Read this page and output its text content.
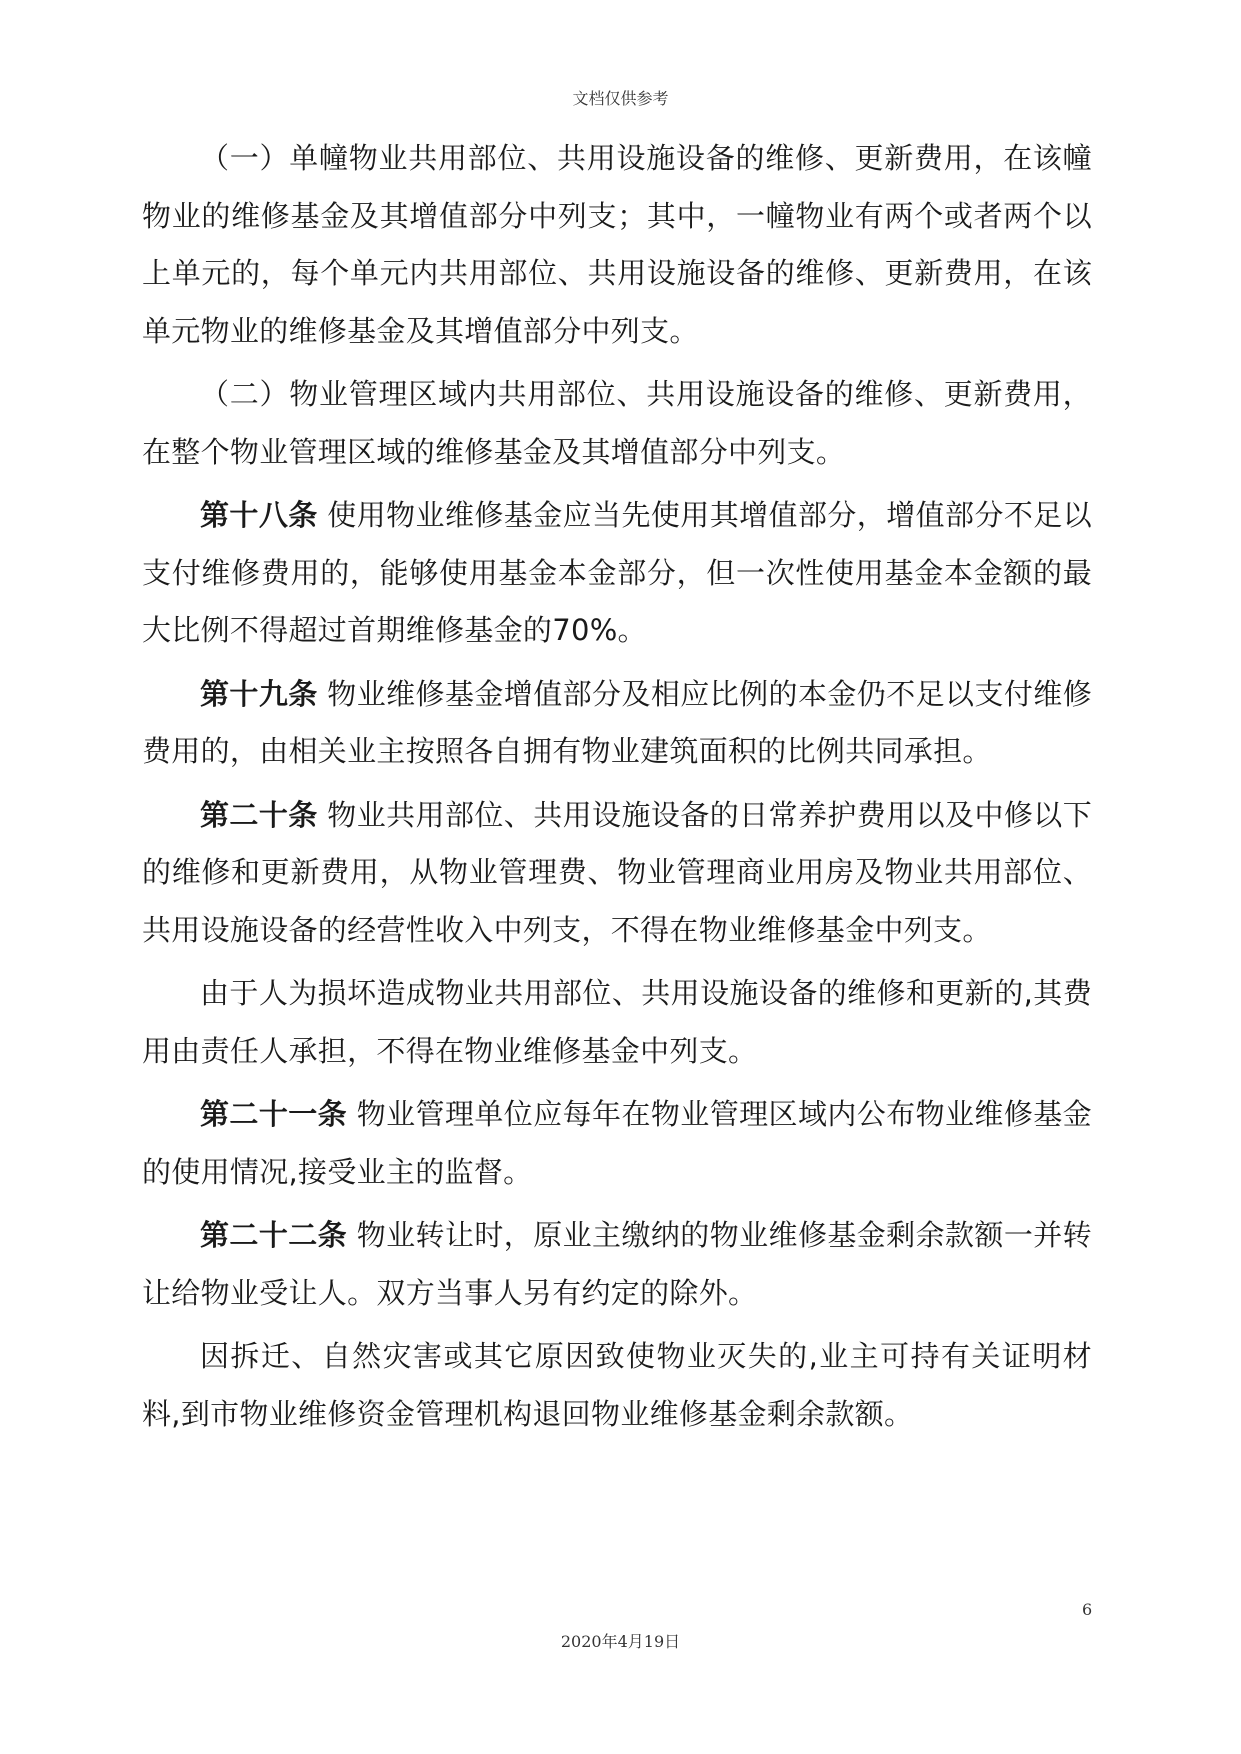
文档仅供参考

（一）单幢物业共用部位、共用设施设备的维修、更新费用，在该幢物业的维修基金及其增值部分中列支；其中，一幢物业有两个或者两个以上单元的，每个单元内共用部位、共用设施设备的维修、更新费用，在该单元物业的维修基金及其增值部分中列支。

（二）物业管理区域内共用部位、共用设施设备的维修、更新费用，在整个物业管理区域的维修基金及其增值部分中列支。

第十八条 使用物业维修基金应当先使用其增值部分，增值部分不足以支付维修费用的，能够使用基金本金部分，但一次性使用基金本金额的最大比例不得超过首期维修基金的70%。

第十九条 物业维修基金增值部分及相应比例的本金仍不足以支付维修费用的，由相关业主按照各自拥有物业建筑面积的比例共同承担。

第二十条 物业共用部位、共用设施设备的日常养护费用以及中修以下的维修和更新费用，从物业管理费、物业管理商业用房及物业共用部位、共用设施设备的经营性收入中列支，不得在物业维修基金中列支。

由于人为损坏造成物业共用部位、共用设施设备的维修和更新的,其费用由责任人承担，不得在物业维修基金中列支。

第二十一条 物业管理单位应每年在物业管理区域内公布物业维修基金的使用情况,接受业主的监督。

第二十二条 物业转让时，原业主缴纳的物业维修基金剩余款额一并转让给物业受让人。双方当事人另有约定的除外。

因拆迁、自然灾害或其它原因致使物业灭失的,业主可持有关证明材料,到市物业维修资金管理机构退回物业维修基金剩余款额。

6
2020年4月19日
